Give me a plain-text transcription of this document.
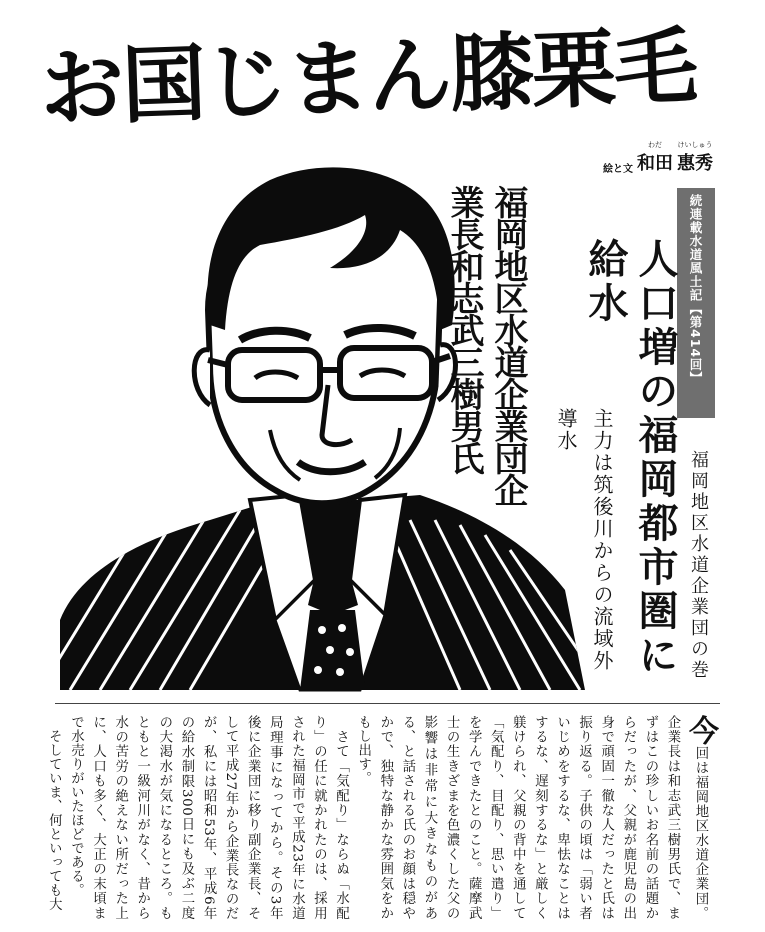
お国じまん膝栗毛
絵と文
わだ
和田
けいしゅう
惠秀
福岡地区水道企業団企業長和志武三樹男氏	続連載水道風土記【第414回】
人口増の福岡都市圏に給水
主力は筑後川からの流域外導水
福岡地区水道企業団の巻

今回は福岡地区水道企業団。企業長は和志武三樹男氏で、まずはこの珍しいお名前の話題からだったが、父親が鹿児島の出身で頑固一徹な人だったと氏は振り返る。子供の頃は「弱い者いじめをするな、卑怯なことはするな、遅刻するな」と厳しく躾けられ、父親の背中を通して「気配り、目配り、思い遣り」を学んできたとのこと。薩摩武士の生きざまを色濃くした父の影響は非常に大きなものがある、と話される氏のお顔は穏やかで、独特な静かな雰囲気をかもし出す。

　さて「気配り」ならぬ「水配り」の任に就かれたのは、採用された福岡市で平成23年に水道局理事になってから。その3年後に企業団に移り副企業長、そして平成27年から企業長なのだが、私には昭和53年、平成6年の給水制限300日にも及ぶ二度の大渇水が気になるところ。もともと一級河川がなく、昔から水の苦労の絶えない所だった上に、人口も多く、大正の末頃まで水売りがいたほどである。

　そしていま、何といっても大
